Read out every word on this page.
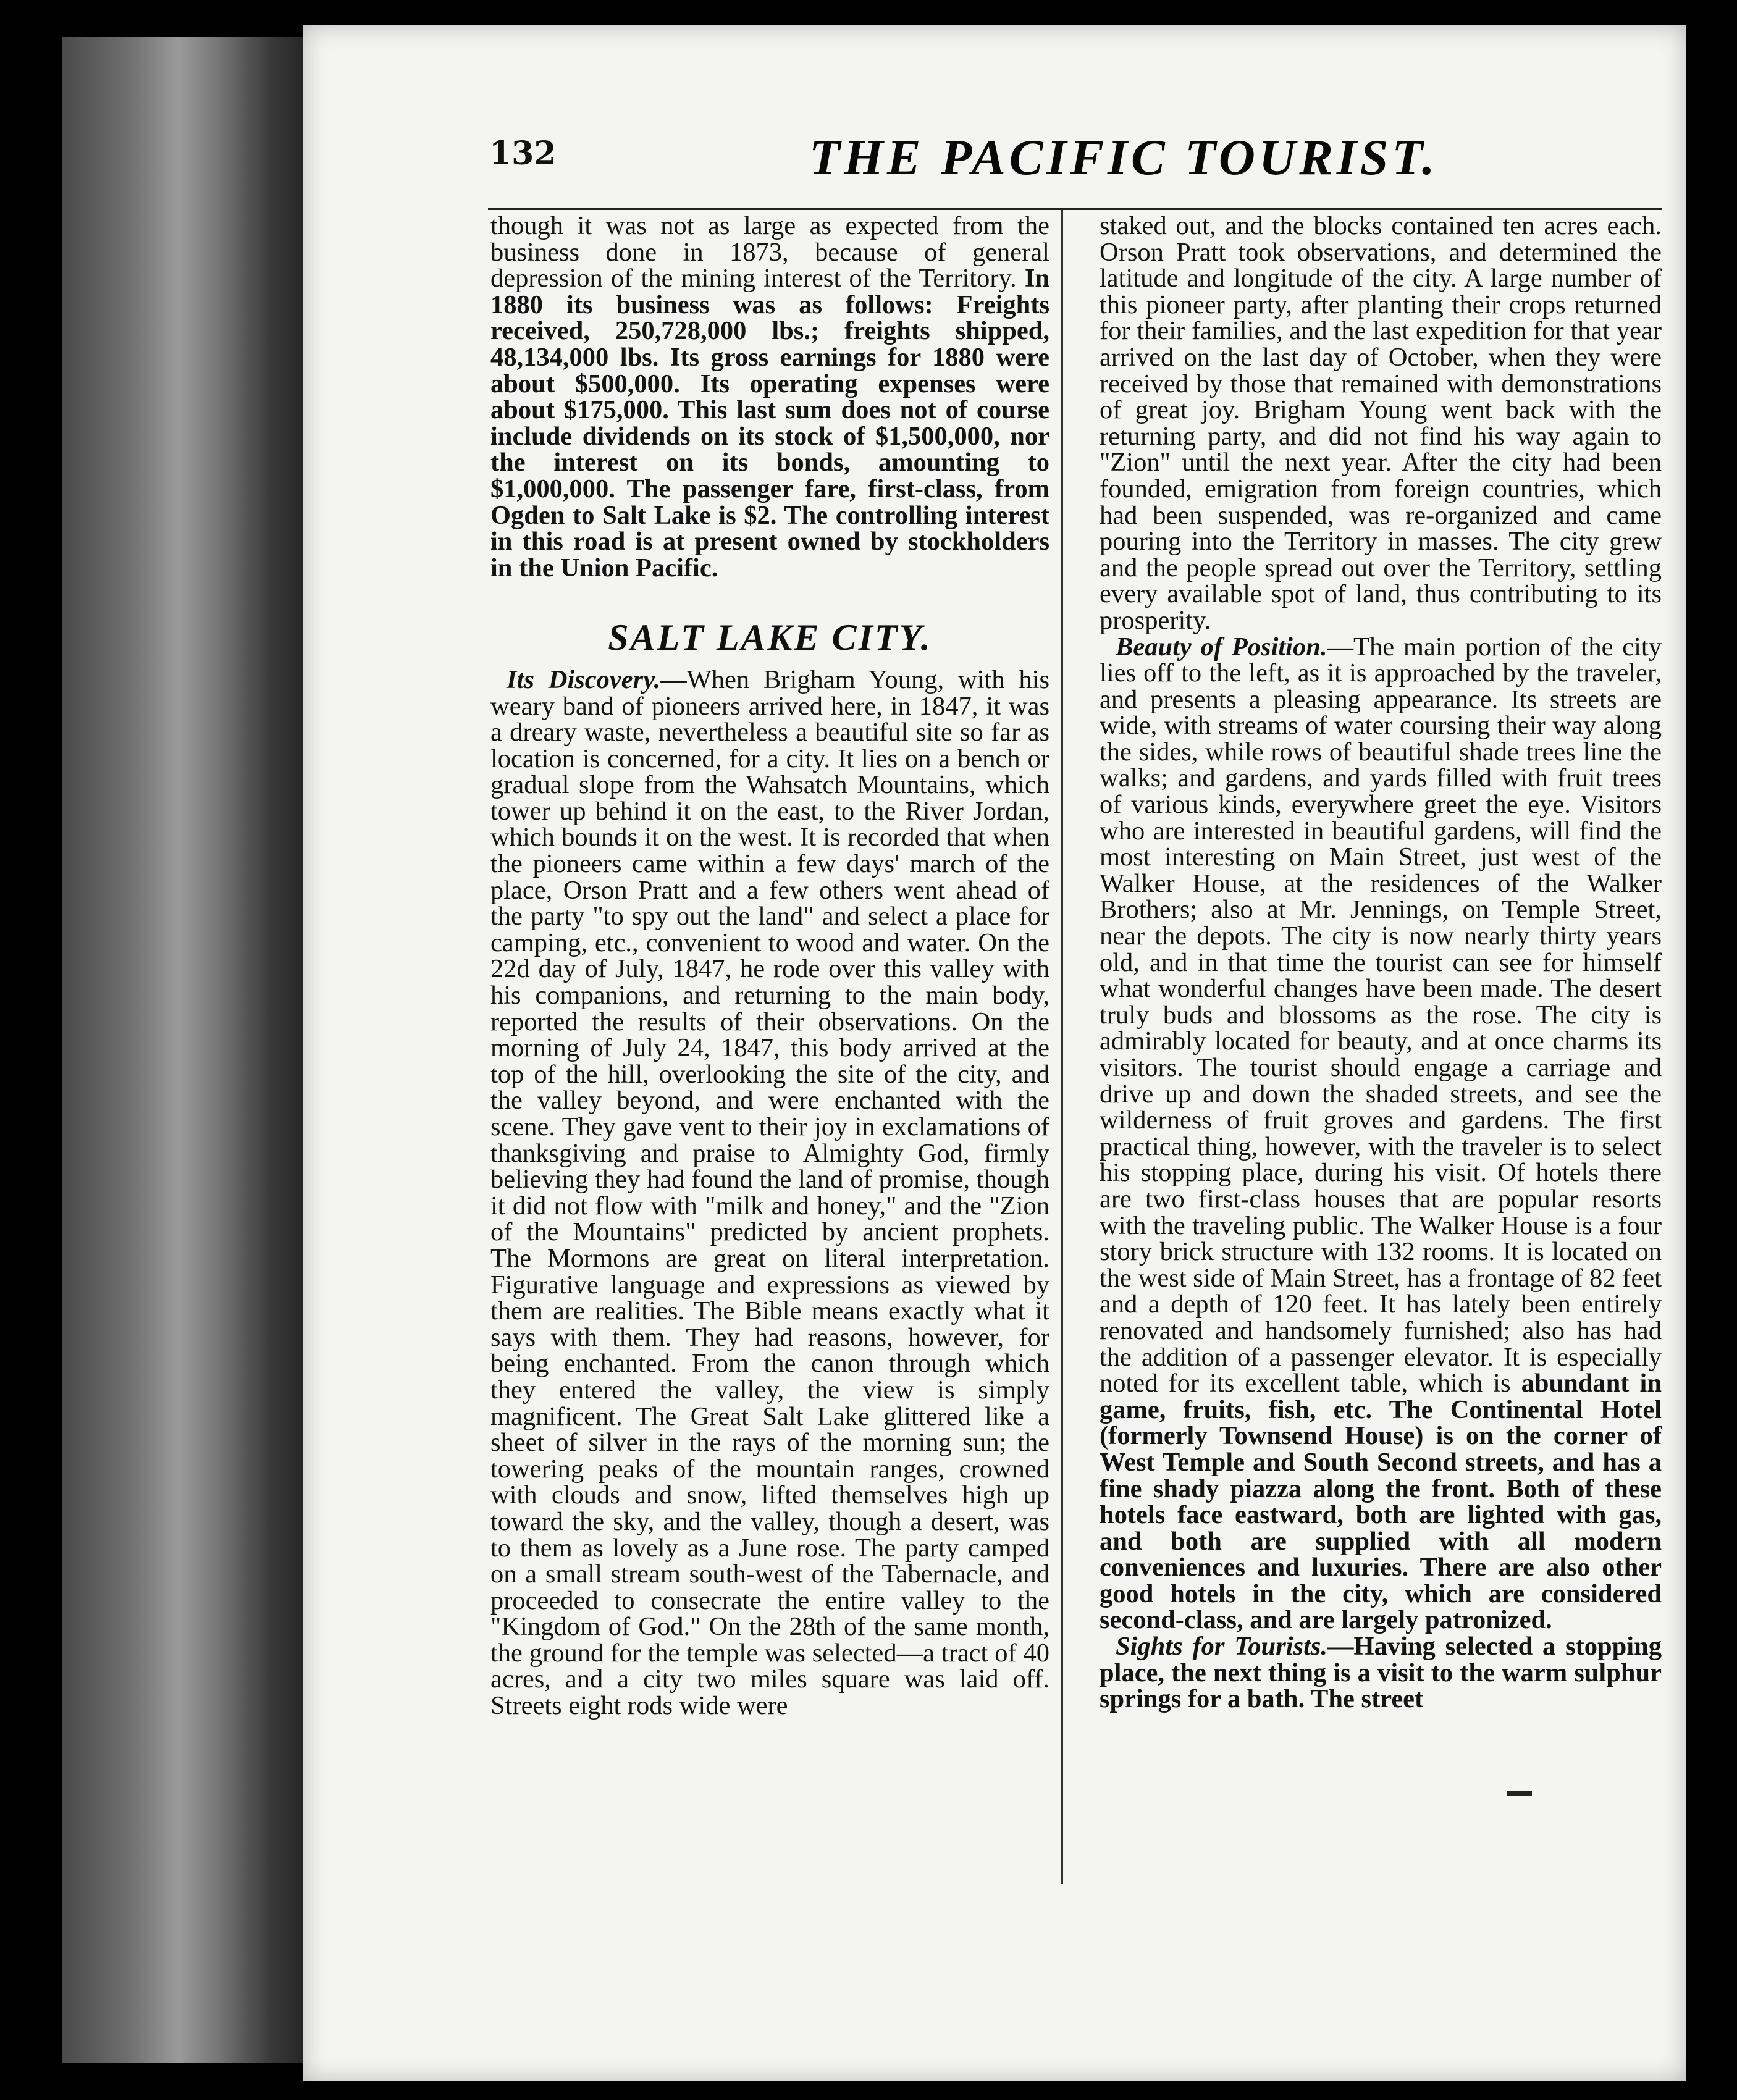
132	THE PACIFIC TOURIST.

though it was not as large as expected from the business done in 1873, because of general depression of the mining interest of the Territory. In 1880 its business was as follows: Freights received, 250,728,000 lbs.; freights shipped, 48,134,000 lbs. Its gross earnings for 1880 were about $500,000. Its operating expenses were about $175,000. This last sum does not of course include dividends on its stock of $1,500,000, nor the interest on its bonds, amounting to $1,000,000. The passenger fare, first-class, from Ogden to Salt Lake is $2. The controlling interest in this road is at present owned by stockholders in the Union Pacific.

SALT LAKE CITY.

Its Discovery.—When Brigham Young, with his weary band of pioneers arrived here, in 1847, it was a dreary waste, nevertheless a beautiful site so far as location is concerned, for a city. It lies on a bench or gradual slope from the Wahsatch Mountains, which tower up behind it on the east, to the River Jordan, which bounds it on the west. It is recorded that when the pioneers came within a few days' march of the place, Orson Pratt and a few others went ahead of the party "to spy out the land" and select a place for camping, etc., convenient to wood and water. On the 22d day of July, 1847, he rode over this valley with his companions, and returning to the main body, reported the results of their observations. On the morning of July 24, 1847, this body arrived at the top of the hill, overlooking the site of the city, and the valley beyond, and were enchanted with the scene. They gave vent to their joy in exclamations of thanksgiving and praise to Almighty God, firmly believing they had found the land of promise, though it did not flow with "milk and honey," and the "Zion of the Mountains" predicted by ancient prophets. The Mormons are great on literal interpretation. Figurative language and expressions as viewed by them are realities. The Bible means exactly what it says with them. They had reasons, however, for being enchanted. From the canon through which they entered the valley, the view is simply magnificent. The Great Salt Lake glittered like a sheet of silver in the rays of the morning sun; the towering peaks of the mountain ranges, crowned with clouds and snow, lifted themselves high up toward the sky, and the valley, though a desert, was to them as lovely as a June rose. The party camped on a small stream south-west of the Tabernacle, and proceeded to consecrate the entire valley to the "Kingdom of God." On the 28th of the same month, the ground for the temple was selected—a tract of 40 acres, and a city two miles square was laid off. Streets eight rods wide were

staked out, and the blocks contained ten acres each. Orson Pratt took observations, and determined the latitude and longitude of the city. A large number of this pioneer party, after planting their crops returned for their families, and the last expedition for that year arrived on the last day of October, when they were received by those that remained with demonstrations of great joy. Brigham Young went back with the returning party, and did not find his way again to "Zion" until the next year. After the city had been founded, emigration from foreign countries, which had been suspended, was re-organized and came pouring into the Territory in masses. The city grew and the people spread out over the Territory, settling every available spot of land, thus contributing to its prosperity.

Beauty of Position.—The main portion of the city lies off to the left, as it is approached by the traveler, and presents a pleasing appearance. Its streets are wide, with streams of water coursing their way along the sides, while rows of beautiful shade trees line the walks; and gardens, and yards filled with fruit trees of various kinds, everywhere greet the eye. Visitors who are interested in beautiful gardens, will find the most interesting on Main Street, just west of the Walker House, at the residences of the Walker Brothers; also at Mr. Jennings, on Temple Street, near the depots. The city is now nearly thirty years old, and in that time the tourist can see for himself what wonderful changes have been made. The desert truly buds and blossoms as the rose. The city is admirably located for beauty, and at once charms its visitors. The tourist should engage a carriage and drive up and down the shaded streets, and see the wilderness of fruit groves and gardens. The first practical thing, however, with the traveler is to select his stopping place, during his visit. Of hotels there are two first-class houses that are popular resorts with the traveling public. The Walker House is a four story brick structure with 132 rooms. It is located on the west side of Main Street, has a frontage of 82 feet and a depth of 120 feet. It has lately been entirely renovated and handsomely furnished; also has had the addition of a passenger elevator. It is especially noted for its excellent table, which is abundant in game, fruits, fish, etc. The Continental Hotel (formerly Townsend House) is on the corner of West Temple and South Second streets, and has a fine shady piazza along the front. Both of these hotels face eastward, both are lighted with gas, and both are supplied with all modern conveniences and luxuries. There are also other good hotels in the city, which are considered second-class, and are largely patronized.

Sights for Tourists.—Having selected a stopping place, the next thing is a visit to the warm sulphur springs for a bath. The street
